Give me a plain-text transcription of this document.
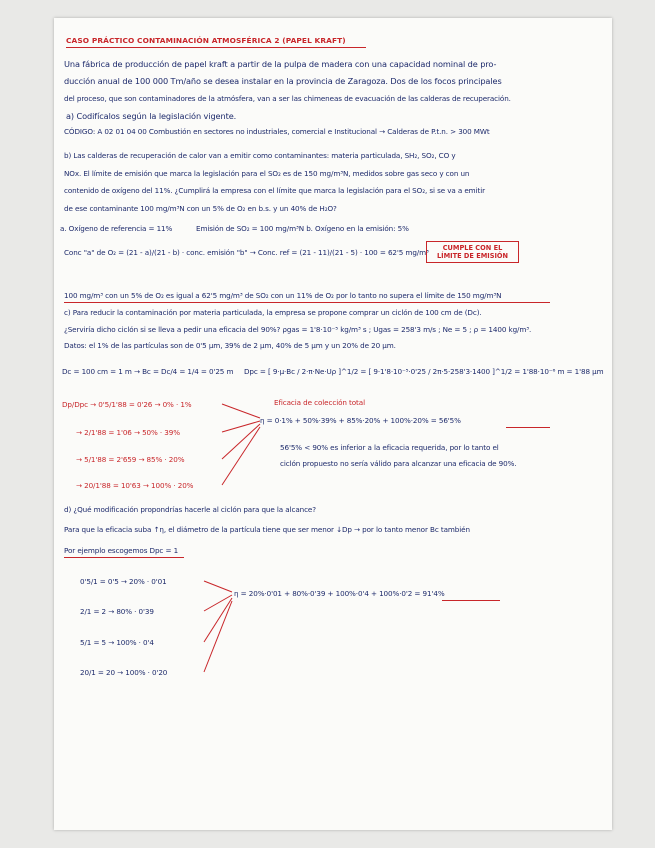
CASO PRÁCTICO CONTAMINACIÓN ATMOSFÉRICA 2 (PAPEL KRAFT)
Una fábrica de producción de papel kraft a partir de la pulpa de madera con una capacidad nominal de pro-
ducción anual de 100 000 Tm/año se desea instalar en la provincia de Zaragoza. Dos de los focos principales
del proceso, que son contaminadores de la atmósfera, van a ser las chimeneas de evacuación de las calderas de recuperación.
a) Codifícalos según la legislación vigente.
CÓDIGO: A 02 01 04 00 Combustión en sectores no industriales, comercial e Institucional → Calderas de P.t.n. > 300 MWt
b) Las calderas de recuperación de calor van a emitir como contaminantes: materia particulada, SH₂, SO₂, CO y
NOx. El límite de emisión que marca la legislación para el SO₂ es de 150 mg/m³N, medidos sobre gas seco y con un
contenido de oxígeno del 11%. ¿Cumplirá la empresa con el límite que marca la legislación para el SO₂, si se va a emitir
de ese contaminante 100 mg/m³N con un 5% de O₂ en b.s. y un 40% de H₂O?
a. Oxígeno de referencia = 11%	Emisión de SO₂ = 100 mg/m³N b. Oxígeno en la emisión: 5%
Conc "a" de O₂ = (21 - a)/(21 - b) · conc. emisión "b" → Conc. ref = (21 - 11)/(21 - 5) · 100 = 62'5 mg/m³	CUMPLE CON EL
LÍMITE DE EMISIÓN
100 mg/m³ con un 5% de O₂ es igual a 62'5 mg/m³ de SO₂ con un 11% de O₂ por lo tanto no supera el límite de 150 mg/m³N
c) Para reducir la contaminación por materia particulada, la empresa se propone comprar un ciclón de 100 cm de (Dc).
¿Serviría dicho ciclón si se lleva a pedir una eficacia del 90%? ρgas = 1'8·10⁻⁵ kg/m³ s ; Ugas = 258'3 m/s ; Ne = 5 ; ρ = 1400 kg/m³.
Datos: el 1% de las partículas son de 0'5 μm, 39% de 2 μm, 40% de 5 μm y un 20% de 20 μm.
Dc = 100 cm = 1 m → Bc = Dc/4 = 1/4 = 0'25 m Dpc = [ 9·μ·Bc / 2·π·Ne·Uρ ]^1/2 = [ 9·1'8·10⁻⁵·0'25 / 2π·5·258'3·1400 ]^1/2 = 1'88·10⁻⁶ m = 1'88 μm
Dp/Dpc → 0'5/1'88 = 0'26 → 0% · 1%
→ 2/1'88 = 1'06 → 50% · 39%
→ 5/1'88 = 2'659 → 85% · 20%
→ 20/1'88 = 10'63 → 100% · 20%
Eficacia de colección total
η = 0·1% + 50%·39% + 85%·20% + 100%·20% = 56'5%
56'5% < 90% es inferior a la eficacia requerida, por lo tanto el
ciclón propuesto no sería válido para alcanzar una eficacia de 90%.
d) ¿Qué modificación propondrías hacerle al ciclón para que la alcance?
Para que la eficacia suba ↑η, el diámetro de la partícula tiene que ser menor ↓Dp → por lo tanto menor Bc también
Por ejemplo escogemos Dpc = 1
0'5/1 = 0'5 → 20% · 0'01
2/1 = 2 → 80% · 0'39
5/1 = 5 → 100% · 0'4
20/1 = 20 → 100% · 0'20
η = 20%·0'01 + 80%·0'39 + 100%·0'4 + 100%·0'2 = 91'4%
